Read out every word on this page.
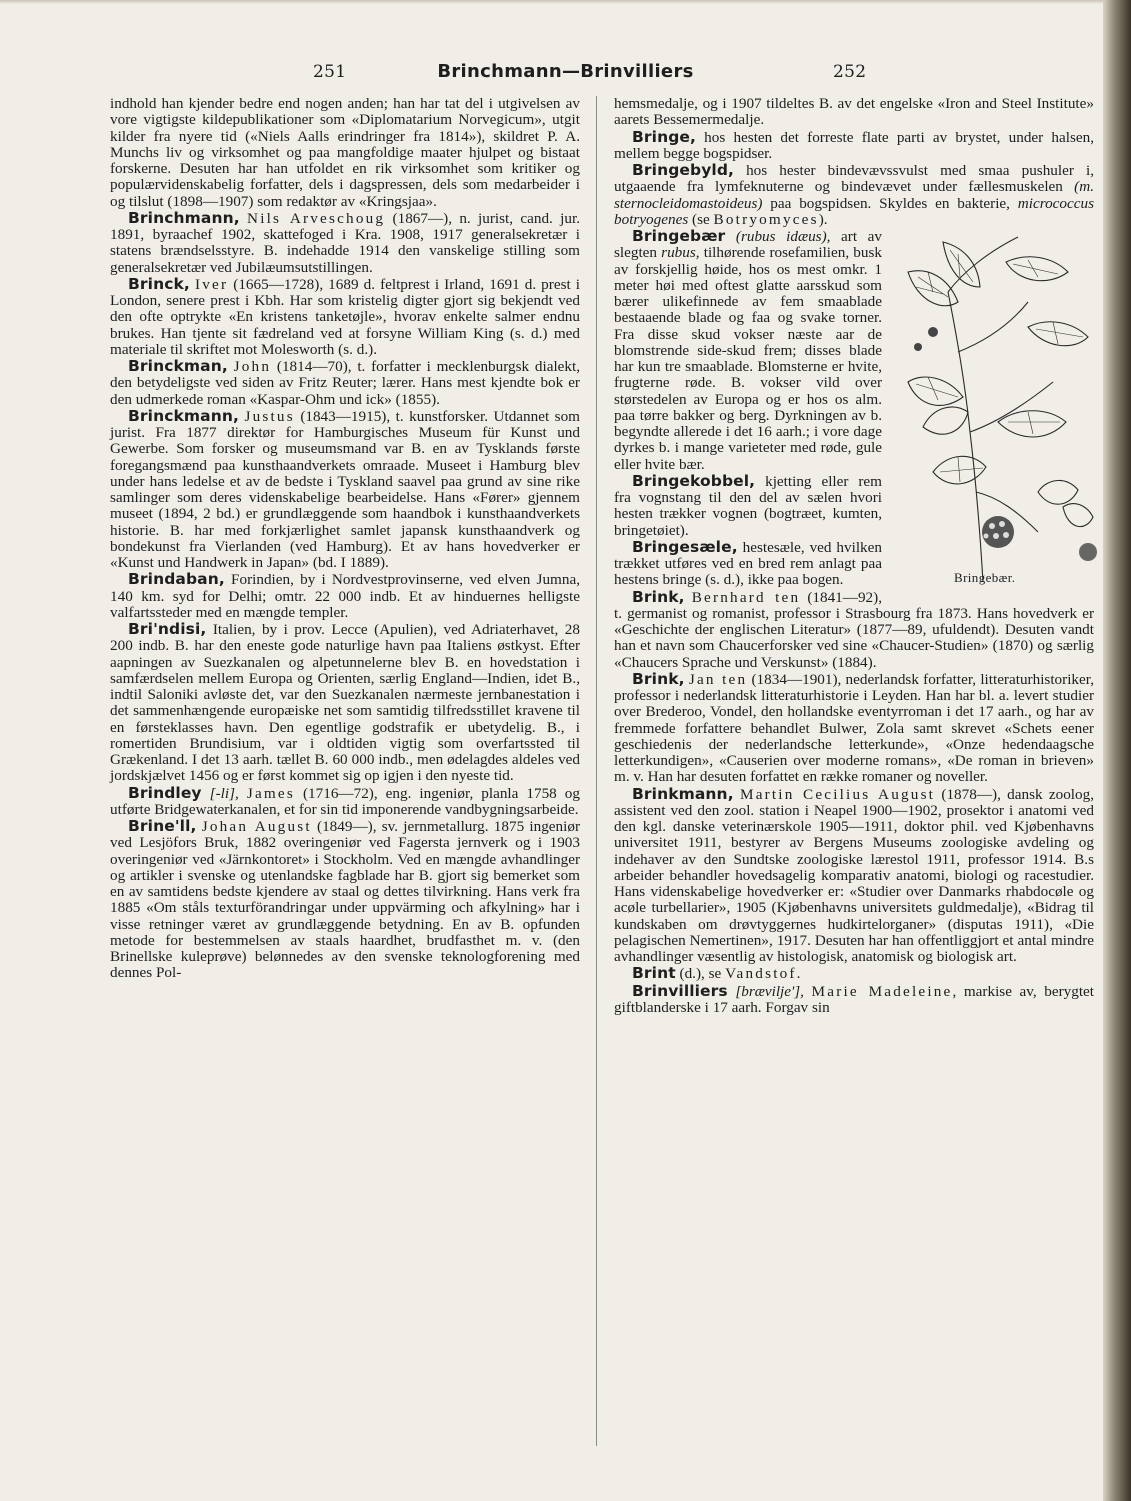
251	Brinchmann—Brinvilliers	252

indhold han kjender bedre end nogen anden; han har tat del i utgivelsen av vore vigtigste kildepublikationer som «Diplomatarium Norvegicum», utgit kilder fra nyere tid («Niels Aalls erindringer fra 1814»), skildret P. A. Munchs liv og virksomhet og paa mangfoldige maater hjulpet og bistaat forskerne. Desuten har han utfoldet en rik virksomhet som kritiker og populærvidenskabelig forfatter, dels i dagspressen, dels som medarbeider i og tilslut (1898—1907) som redaktør av «Kringsjaa».

Brinchmann, Nils Arveschoug (1867—), n. jurist, cand. jur. 1891, byraachef 1902, skattefoged i Kra. 1908, 1917 generalsekretær i statens brændselsstyre. B. indehadde 1914 den vanskelige stilling som generalsekretær ved Jubilæumsutstillingen.

Brinck, Iver (1665—1728), 1689 d. feltprest i Irland, 1691 d. prest i London, senere prest i Kbh. Har som kristelig digter gjort sig bekjendt ved den ofte optrykte «En kristens tanketøjle», hvorav enkelte salmer endnu brukes. Han tjente sit fædreland ved at forsyne William King (s. d.) med materiale til skriftet mot Molesworth (s. d.).

Brinckman, John (1814—70), t. forfatter i mecklenburgsk dialekt, den betydeligste ved siden av Fritz Reuter; lærer. Hans mest kjendte bok er den udmerkede roman «Kaspar-Ohm und ick» (1855).

Brinckmann, Justus (1843—1915), t. kunstforsker. Utdannet som jurist. Fra 1877 direktør for Hamburgisches Museum für Kunst und Gewerbe. Som forsker og museumsmand var B. en av Tysklands første foregangsmænd paa kunsthaandverkets omraade. Museet i Hamburg blev under hans ledelse et av de bedste i Tyskland saavel paa grund av sine rike samlinger som deres videnskabelige bearbeidelse. Hans «Fører» gjennem museet (1894, 2 bd.) er grundlæggende som haandbok i kunsthaandverkets historie. B. har med forkjærlighet samlet japansk kunsthaandverk og bondekunst fra Vierlanden (ved Hamburg). Et av hans hovedverker er «Kunst und Handwerk in Japan» (bd. I 1889).

Brindaban, Forindien, by i Nordvestprovinserne, ved elven Jumna, 140 km. syd for Delhi; omtr. 22 000 indb. Et av hinduernes helligste valfartssteder med en mængde templer.

Bri'ndisi, Italien, by i prov. Lecce (Apulien), ved Adriaterhavet, 28 200 indb. B. har den eneste gode naturlige havn paa Italiens østkyst. Efter aapningen av Suezkanalen og alpetunnelerne blev B. en hovedstation i samfærdselen mellem Europa og Orienten, særlig England—Indien, idet B., indtil Saloniki avløste det, var den Suezkanalen nærmeste jernbanestation i det sammenhængende europæiske net som samtidig tilfredsstillet kravene til en førsteklasses havn. Den egentlige godstrafik er ubetydelig. B., i romertiden Brundisium, var i oldtiden vigtig som overfartssted til Grækenland. I det 13 aarh. tællet B. 60 000 indb., men ødelagdes aldeles ved jordskjælvet 1456 og er først kommet sig op igjen i den nyeste tid.

Brindley [-li], James (1716—72), eng. ingeniør, planla 1758 og utførte Bridgewaterkanalen, et for sin tid imponerende vandbygningsarbeide.

Brine'll, Johan August (1849—), sv. jernmetallurg. 1875 ingeniør ved Lesjöfors Bruk, 1882 overingeniør ved Fagersta jernverk og i 1903 overingeniør ved «Järnkontoret» i Stockholm. Ved en mængde avhandlinger og artikler i svenske og utenlandske fagblade har B. gjort sig bemerket som en av samtidens bedste kjendere av staal og dettes tilvirkning. Hans verk fra 1885 «Om ståls texturförandringar under uppvärming och afkylning» har i visse retninger været av grundlæggende betydning. En av B. opfunden metode for bestemmelsen av staals haardhet, brudfasthet m. v. (den Brinellske kuleprøve) belønnedes av den svenske teknologforening med dennes Pol-

hemsmedalje, og i 1907 tildeltes B. av det engelske «Iron and Steel Institute» aarets Bessemermedalje.

Bringe, hos hesten det forreste flate parti av brystet, under halsen, mellem begge bogspidser.

Bringebyld, hos hester bindevævssvulst med smaa pushuler i, utgaaende fra lymfeknuterne og bindevævet under fællesmuskelen (m. sternocleidomastoideus) paa bogspidsen. Skyldes en bakterie, micrococcus botryogenes (se Botryomyces).

Bringebær.
Bringebær (rubus idæus), art av slegten rubus, tilhørende rosefamilien, busk av forskjellig høide, hos os mest omkr. 1 meter høi med oftest glatte aarsskud som bærer ulikefinnede av fem smaablade bestaaende blade og faa og svake torner. Fra disse skud vokser næste aar de blomstrende side-skud frem; disses blade har kun tre smaablade. Blomsterne er hvite, frugterne røde. B. vokser vild over størstedelen av Europa og er hos os alm. paa tørre bakker og berg. Dyrkningen av b. begyndte allerede i det 16 aarh.; i vore dage dyrkes b. i mange varieteter med røde, gule eller hvite bær.

Bringekobbel, kjetting eller rem fra vognstang til den del av sælen hvori hesten trækker vognen (bogtræet, kumten, bringetøiet).

Bringesæle, hestesæle, ved hvilken trækket utføres ved en bred rem anlagt paa hestens bringe (s. d.), ikke paa bogen.

Brink, Bernhard ten (1841—92), t. germanist og romanist, professor i Strasbourg fra 1873. Hans hovedverk er «Geschichte der englischen Literatur» (1877—89, ufuldendt). Desuten vandt han et navn som Chaucerforsker ved sine «Chaucer-Studien» (1870) og særlig «Chaucers Sprache und Verskunst» (1884).

Brink, Jan ten (1834—1901), nederlandsk forfatter, litteraturhistoriker, professor i nederlandsk litteraturhistorie i Leyden. Han har bl. a. levert studier over Brederoo, Vondel, den hollandske eventyrroman i det 17 aarh., og har av fremmede forfattere behandlet Bulwer, Zola samt skrevet «Schets eener geschiedenis der nederlandsche letterkunde», «Onze hedendaagsche letterkundigen», «Causerien over moderne romans», «De roman in brieven» m. v. Han har desuten forfattet en række romaner og noveller.

Brinkmann, Martin Cecilius August (1878—), dansk zoolog, assistent ved den zool. station i Neapel 1900—1902, prosektor i anatomi ved den kgl. danske veterinærskole 1905—1911, doktor phil. ved Kjøbenhavns universitet 1911, bestyrer av Bergens Museums zoologiske avdeling og indehaver av den Sundtske zoologiske lærestol 1911, professor 1914. B.s arbeider behandler hovedsagelig komparativ anatomi, biologi og racestudier. Hans videnskabelige hovedverker er: «Studier over Danmarks rhabdocøle og acøle turbellarier», 1905 (Kjøbenhavns universitets guldmedalje), «Bidrag til kundskaben om drøvtyggernes hudkirtelorganer» (disputas 1911), «Die pelagischen Nemertinen», 1917. Desuten har han offentliggjort et antal mindre avhandlinger væsentlig av histologisk, anatomisk og biologisk art.

Brint (d.), se Vandstof.

Brinvilliers [brævilje'], Marie Madeleine, markise av, berygtet giftblanderske i 17 aarh. Forgav sin
